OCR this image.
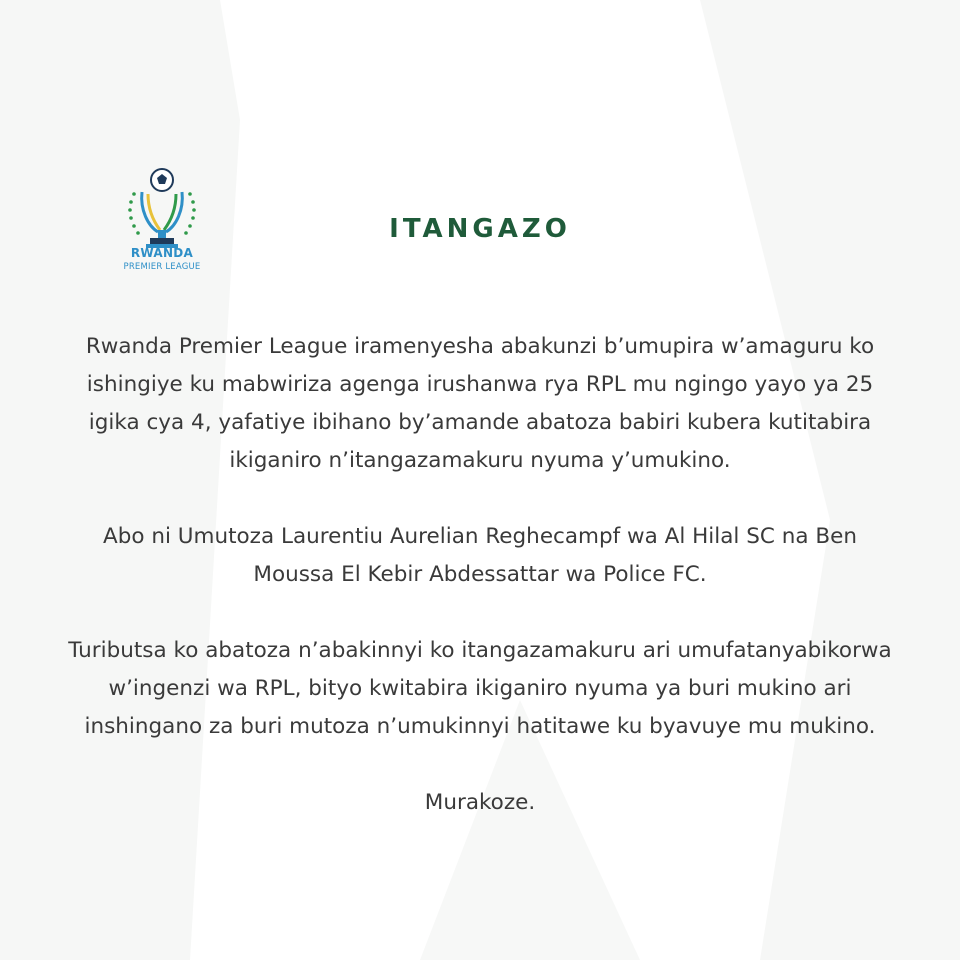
RWANDA
PREMIER LEAGUE
ITANGAZO

Rwanda Premier League iramenyesha abakunzi b’umupira w’amaguru ko
ishingiye ku mabwiriza agenga irushanwa rya RPL mu ngingo yayo ya 25
igika cya 4, yafatiye ibihano by’amande abatoza babiri kubera kutitabira
ikiganiro n’itangazamakuru nyuma y’umukino.

Abo ni Umutoza Laurentiu Aurelian Reghecampf wa Al Hilal SC na Ben
Moussa El Kebir Abdessattar wa Police FC.

Tuributsa ko abatoza n’abakinnyi ko itangazamakuru ari umufatanyabikorwa
w’ingenzi wa RPL, bityo kwitabira ikiganiro nyuma ya buri mukino ari
inshingano za buri mutoza n’umukinnyi hatitawe ku byavuye mu mukino.

Murakoze.
